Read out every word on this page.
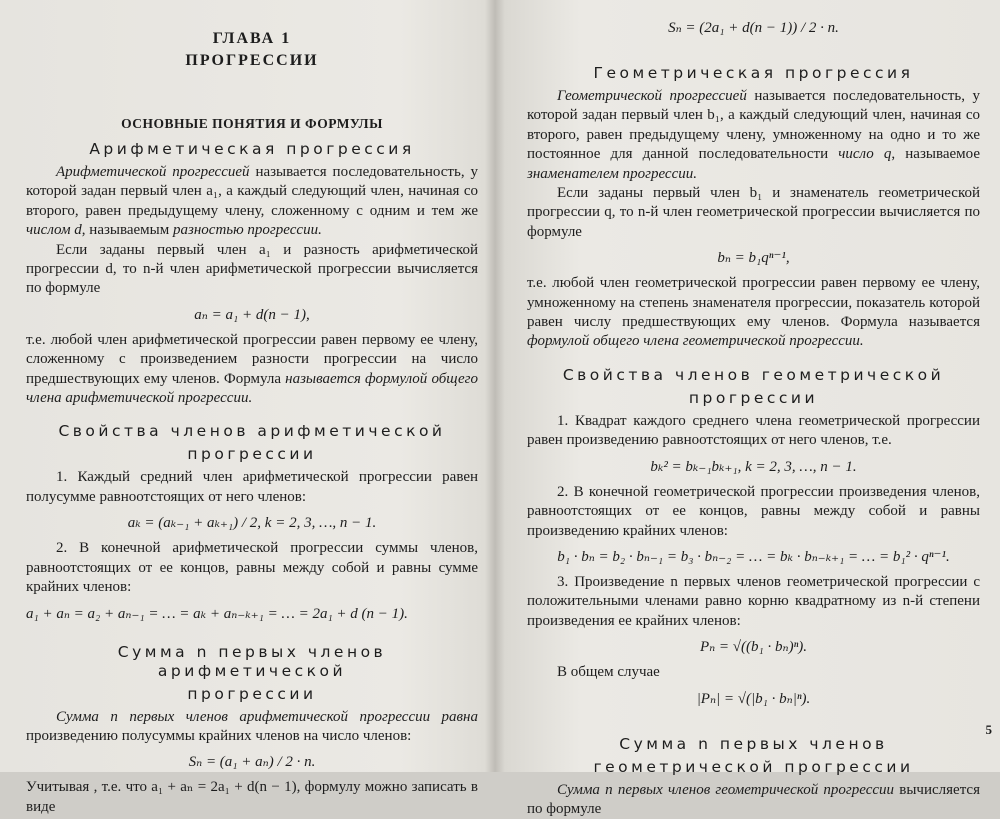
ГЛАВА 1
ПРОГРЕССИИ
ОСНОВНЫЕ ПОНЯТИЯ И ФОРМУЛЫ
Арифметическая прогрессия

Арифметической прогрессией называется последовательность, у которой задан первый член a₁, а каждый следующий член, начиная со второго, равен предыдущему члену, сложенному с одним и тем же числом d, называемым разностью прогрессии.

Если заданы первый член a₁ и разность арифметической прогрессии d, то n-й член арифметической прогрессии вычисляется по формуле

aₙ = a₁ + d(n − 1),

т.е. любой член арифметической прогрессии равен первому ее члену, сложенному с произведением разности прогрессии на число предшествующих ему членов. Формула называется формулой общего члена арифметической прогрессии.

Свойства членов арифметической
прогрессии

1. Каждый средний член арифметической прогрессии равен полусумме равноотстоящих от него членов:

aₖ = (aₖ₋₁ + aₖ₊₁) / 2, k = 2, 3, …, n − 1.

2. В конечной арифметической прогрессии суммы членов, равноотстоящих от ее концов, равны между собой и равны сумме крайних членов:

a₁ + aₙ = a₂ + aₙ₋₁ = … = aₖ + aₙ₋ₖ₊₁ = … = 2a₁ + d (n − 1).
Сумма n первых членов арифметической
прогрессии

Сумма n первых членов арифметической прогрессии равна произведению полусуммы крайних членов на число членов:

Sₙ = (a₁ + aₙ) / 2 · n.

Учитывая , т.е. что a₁ + aₙ = 2a₁ + d(n − 1), формулу можно записать в виде

Sₙ = (2a₁ + d(n − 1)) / 2 · n.
Геометрическая прогрессия

Геометрической прогрессией называется последовательность, у которой задан первый член b₁, а каждый следующий член, начиная со второго, равен предыдущему члену, умноженному на одно и то же постоянное для данной последовательности число q, называемое знаменателем прогрессии.

Если заданы первый член b₁ и знаменатель геометрической прогрессии q, то n-й член геометрической прогрессии вычисляется по формуле

bₙ = b₁qⁿ⁻¹,

т.е. любой член геометрической прогрессии равен первому ее члену, умноженному на степень знаменателя прогрессии, показатель которой равен числу предшествующих ему членов. Формула называется формулой общего члена геометрической прогрессии.

Свойства членов геометрической
прогрессии

1. Квадрат каждого среднего члена геометрической прогрессии равен произведению равноотстоящих от него членов, т.е.

bₖ² = bₖ₋₁bₖ₊₁, k = 2, 3, …, n − 1.

2. В конечной геометрической прогрессии произведения членов, равноотстоящих от ее концов, равны между собой и равны произведению крайних членов:

b₁ · bₙ = b₂ · bₙ₋₁ = b₃ · bₙ₋₂ = … = bₖ · bₙ₋ₖ₊₁ = … = b₁² · qⁿ⁻¹.

3. Произведение n первых членов геометрической прогрессии с положительными членами равно корню квадратному из n-й степени произведения ее крайних членов:

Pₙ = √((b₁ · bₙ)ⁿ).

В общем случае

|Pₙ| = √(|b₁ · bₙ|ⁿ).
Сумма n первых членов
геометрической прогрессии

Сумма n первых членов геометрической прогрессии вычисляется по формуле

5
